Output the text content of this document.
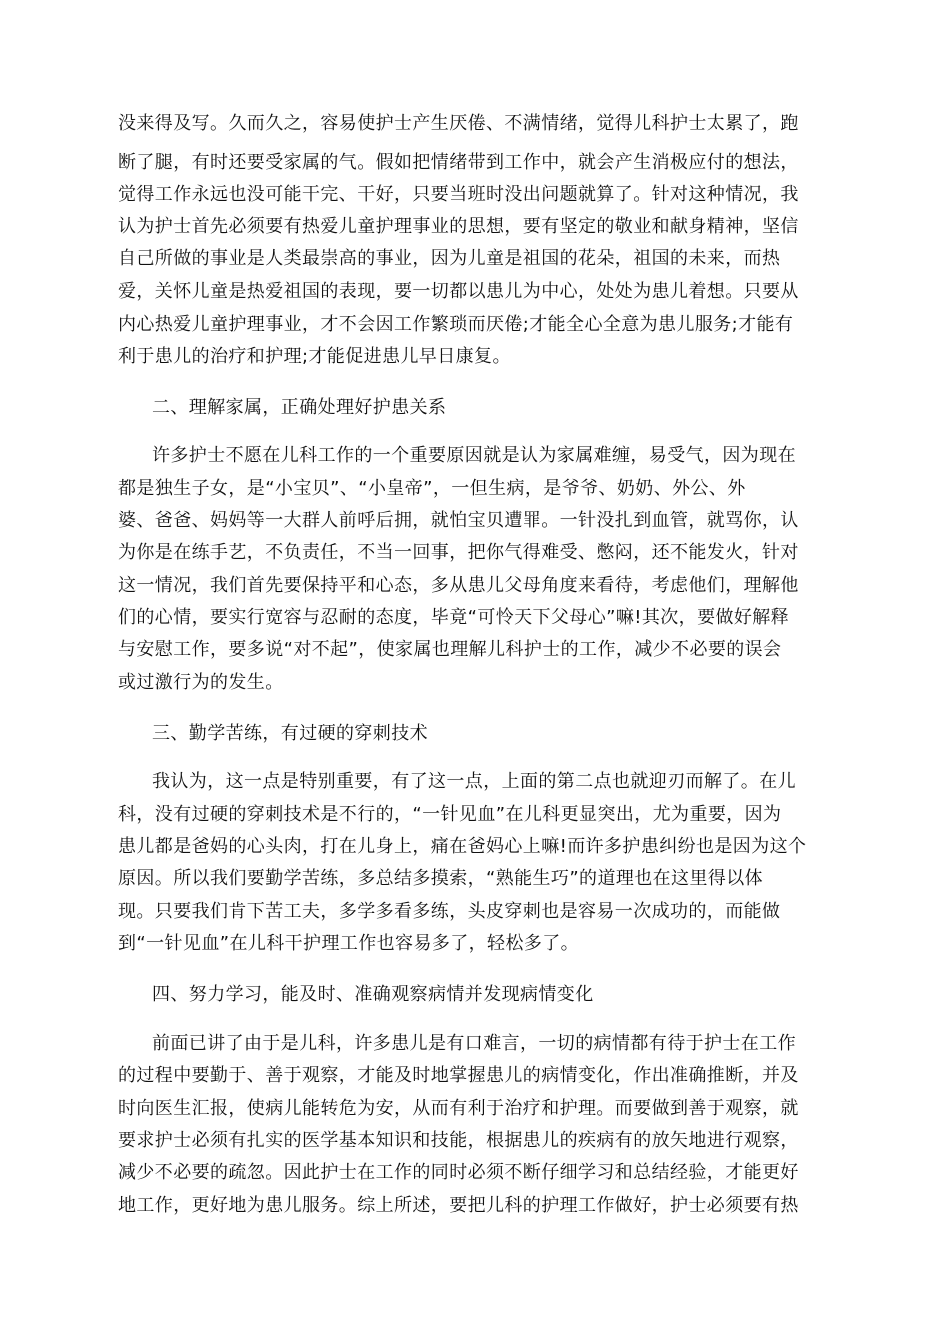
没来得及写。久而久之，容易使护士产生厌倦、不满情绪，觉得儿科护士太累了，跑
断了腿，有时还要受家属的气。假如把情绪带到工作中，就会产生消极应付的想法，
觉得工作永远也没可能干完、干好，只要当班时没出问题就算了。针对这种情况，我
认为护士首先必须要有热爱儿童护理事业的思想，要有坚定的敬业和献身精神，坚信
自己所做的事业是人类最崇高的事业，因为儿童是祖国的花朵，祖国的未来，而热
爱，关怀儿童是热爱祖国的表现，要一切都以患儿为中心，处处为患儿着想。只要从
内心热爱儿童护理事业，才不会因工作繁琐而厌倦;才能全心全意为患儿服务;才能有
利于患儿的治疗和护理;才能促进患儿早日康复。
二、理解家属，正确处理好护患关系
许多护士不愿在儿科工作的一个重要原因就是认为家属难缠，易受气，因为现在
都是独生子女，是“小宝贝”、“小皇帝”，一但生病，是爷爷、奶奶、外公、外
婆、爸爸、妈妈等一大群人前呼后拥，就怕宝贝遭罪。一针没扎到血管，就骂你，认
为你是在练手艺，不负责任，不当一回事，把你气得难受、憋闷，还不能发火，针对
这一情况，我们首先要保持平和心态，多从患儿父母角度来看待，考虑他们，理解他
们的心情，要实行宽容与忍耐的态度，毕竟“可怜天下父母心”嘛!其次，要做好解释
与安慰工作，要多说“对不起”，使家属也理解儿科护士的工作，减少不必要的误会
或过激行为的发生。
三、勤学苦练，有过硬的穿刺技术
我认为，这一点是特别重要，有了这一点，上面的第二点也就迎刃而解了。在儿
科，没有过硬的穿刺技术是不行的，“一针见血”在儿科更显突出，尤为重要，因为
患儿都是爸妈的心头肉，打在儿身上，痛在爸妈心上嘛!而许多护患纠纷也是因为这个
原因。所以我们要勤学苦练，多总结多摸索，“熟能生巧”的道理也在这里得以体
现。只要我们肯下苦工夫，多学多看多练，头皮穿刺也是容易一次成功的，而能做
到“一针见血”在儿科干护理工作也容易多了，轻松多了。
四、努力学习，能及时、准确观察病情并发现病情变化
前面已讲了由于是儿科，许多患儿是有口难言，一切的病情都有待于护士在工作
的过程中要勤于、善于观察，才能及时地掌握患儿的病情变化，作出准确推断，并及
时向医生汇报，使病儿能转危为安，从而有利于治疗和护理。而要做到善于观察，就
要求护士必须有扎实的医学基本知识和技能，根据患儿的疾病有的放矢地进行观察，
减少不必要的疏忽。因此护士在工作的同时必须不断仔细学习和总结经验，才能更好
地工作，更好地为患儿服务。综上所述，要把儿科的护理工作做好，护士必须要有热
